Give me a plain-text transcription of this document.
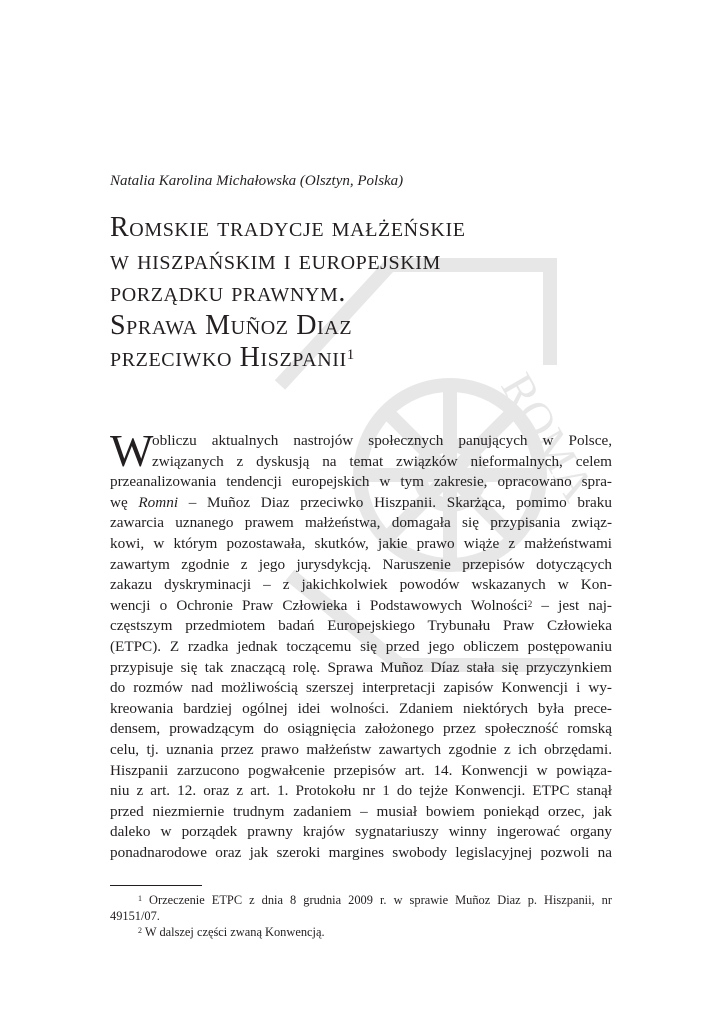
ROMA
Natalia Karolina Michałowska (Olsztyn, Polska)
Romskie tradycje małżeńskie
w hiszpańskim i europejskim
porządku prawnym.
Sprawa Muñoz Diaz
przeciwko Hiszpanii$^1$
W
obliczu aktualnych nastrojów społecznych panujących w Polsce,
związanych z dyskusją na temat związków nieformalnych, celem
przeanalizowania tendencji europejskich w tym zakresie, opracowano spra-
wę Romni – Muñoz Diaz przeciwko Hiszpanii. Skarżąca, pomimo braku
zawarcia uznanego prawem małżeństwa, domagała się przypisania związ-
kowi, w którym pozostawała, skutków, jakie prawo wiąże z małżeństwami
zawartym zgodnie z jego jurysdykcją. Naruszenie przepisów dotyczących
zakazu dyskryminacji – z jakichkolwiek powodów wskazanych w Kon-
wencji o Ochronie Praw Człowieka i Podstawowych Wolności$^2$ – jest naj-
częstszym przedmiotem badań Europejskiego Trybunału Praw Człowieka
(ETPC). Z rzadka jednak toczącemu się przed jego obliczem postępowaniu
przypisuje się tak znaczącą rolę. Sprawa Muñoz Díaz stała się przyczynkiem
do rozmów nad możliwością szerszej interpretacji zapisów Konwencji i wy-
kreowania bardziej ogólnej idei wolności. Zdaniem niektórych była prece-
densem, prowadzącym do osiągnięcia założonego przez społeczność romską
celu, tj. uznania przez prawo małżeństw zawartych zgodnie z ich obrzędami.
Hiszpanii zarzucono pogwałcenie przepisów art. 14. Konwencji w powiąza-
niu z art. 12. oraz z art. 1. Protokołu nr 1 do tejże Konwencji. ETPC stanął
przed niezmiernie trudnym zadaniem – musiał bowiem poniekąd orzec, jak
daleko w porządek prawny krajów sygnatariuszy winny ingerować organy
ponadnarodowe oraz jak szeroki margines swobody legislacyjnej pozwoli na
$^1$ Orzeczenie ETPC z dnia 8 grudnia 2009 r. w sprawie Muñoz Diaz p. Hiszpanii, nr
49151/07.
$^2$ W dalszej części zwaną Konwencją.
